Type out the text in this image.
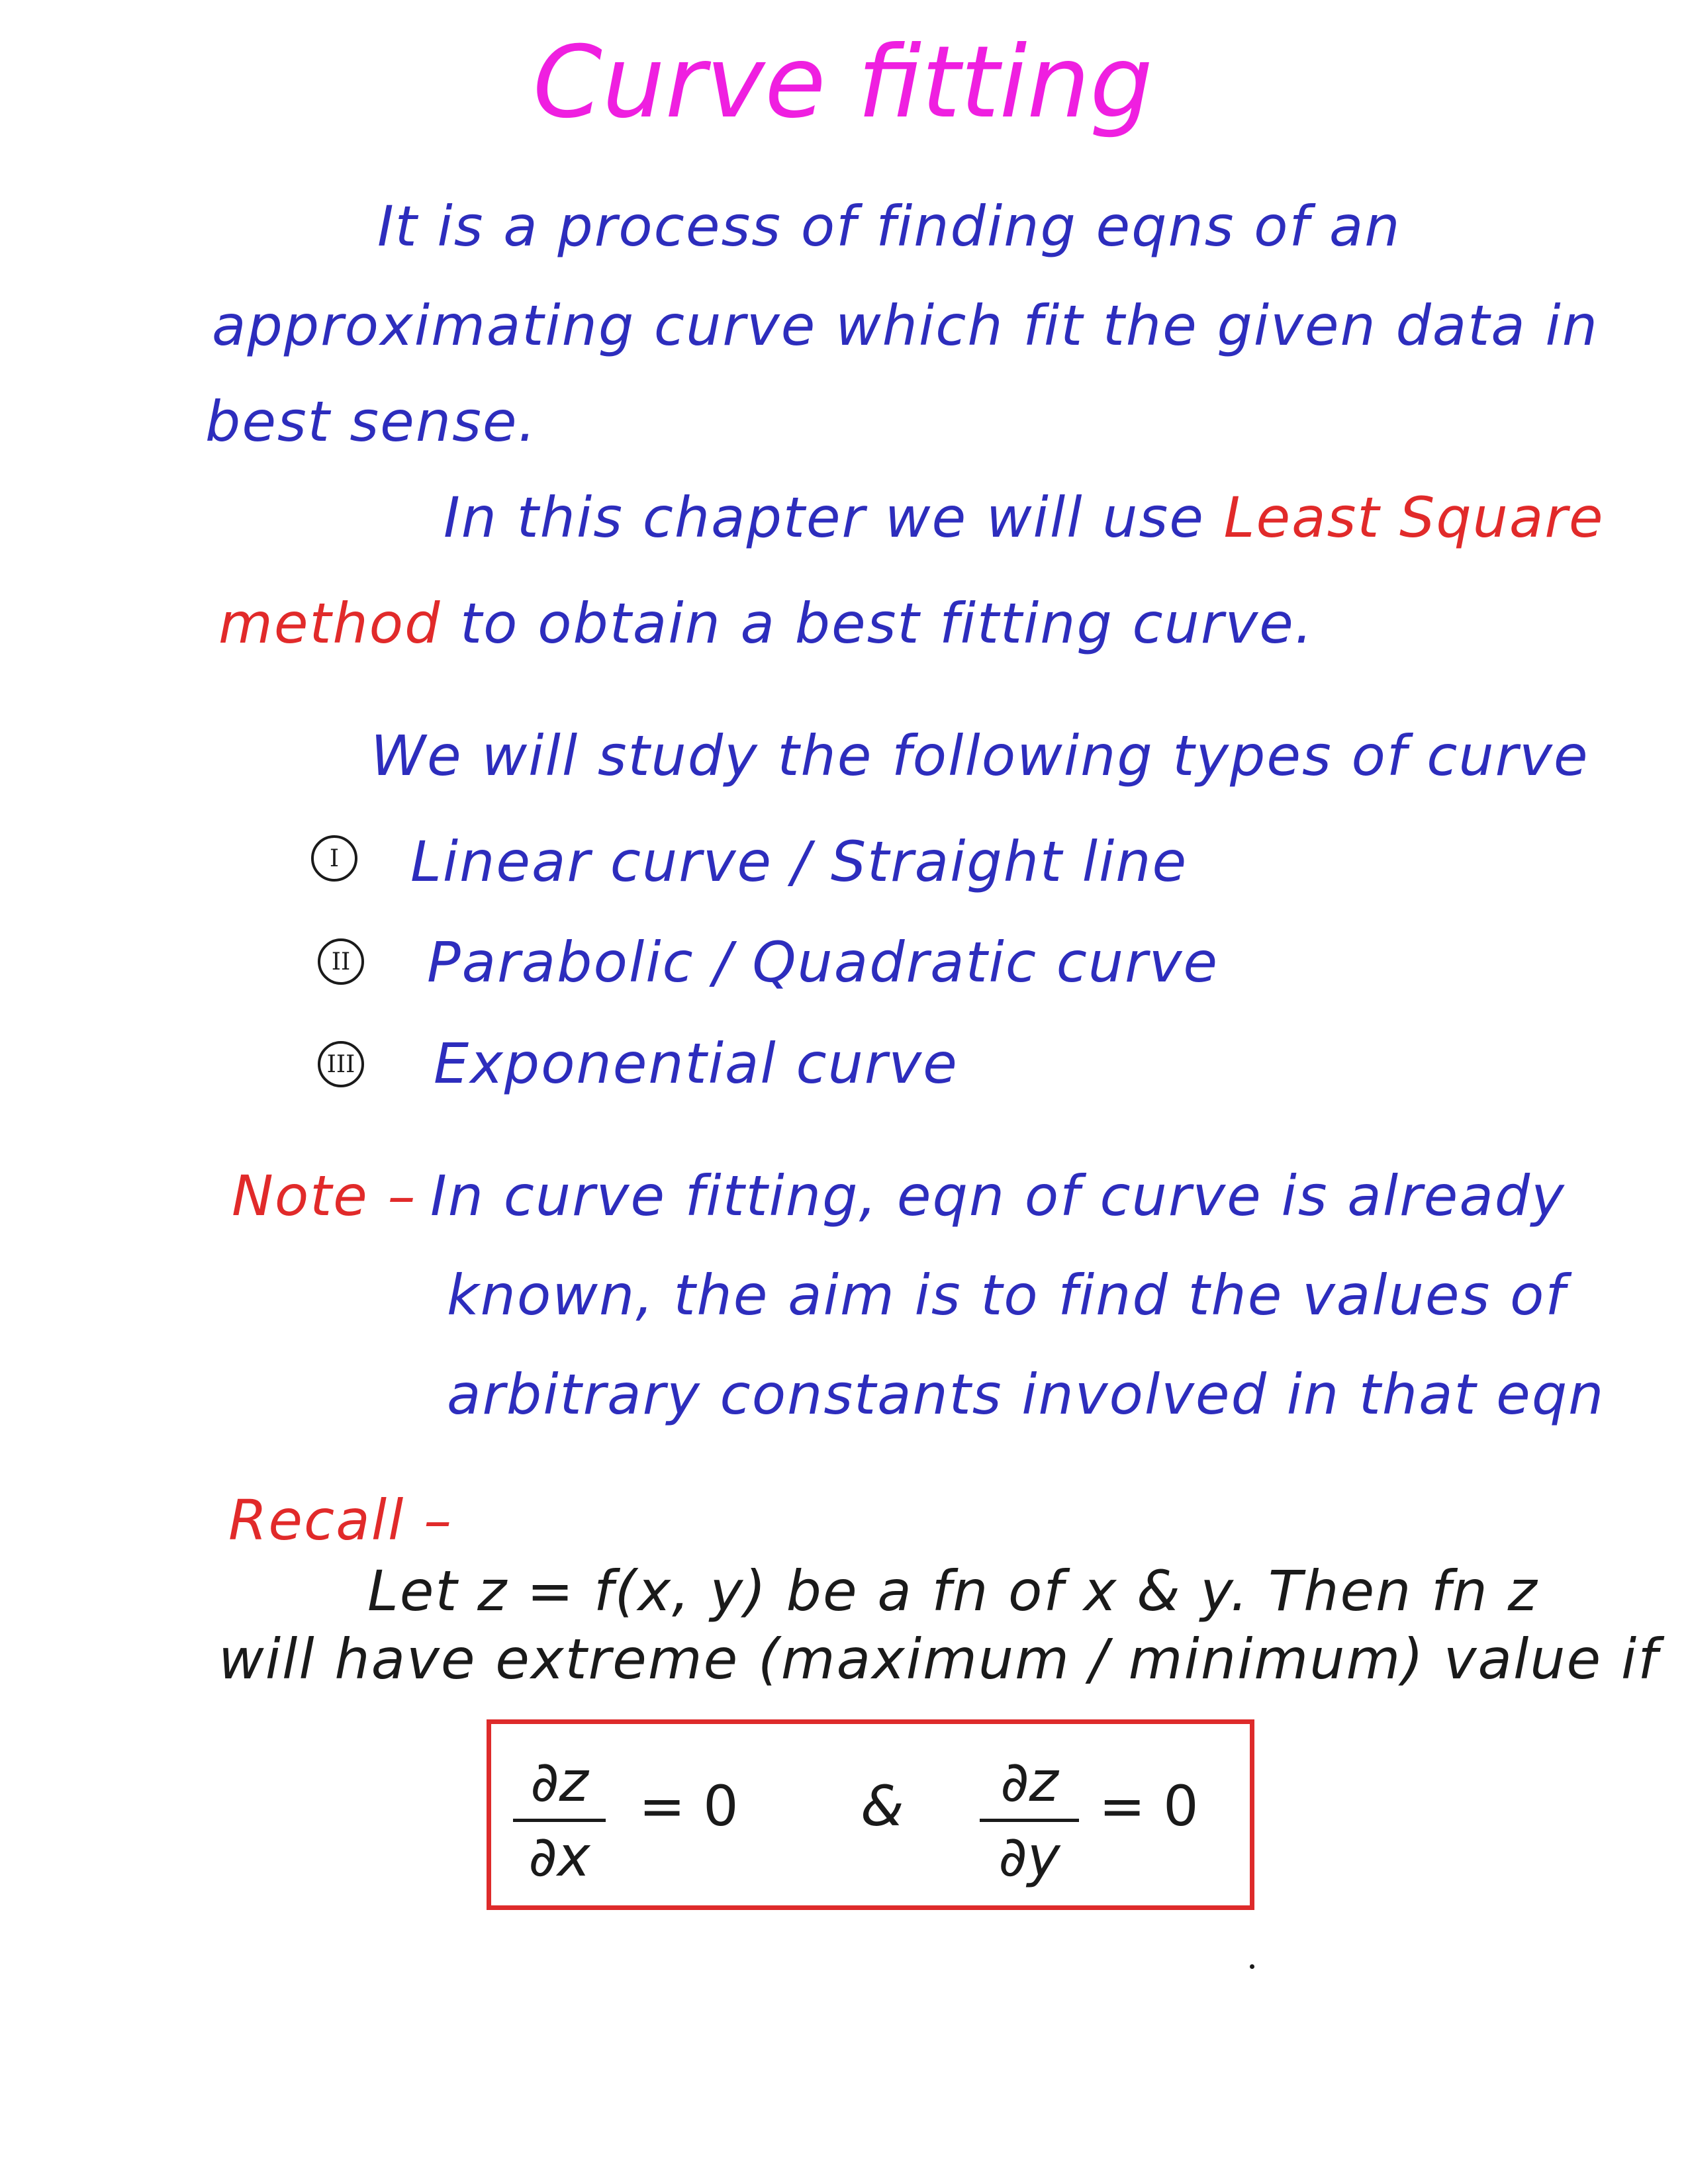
Curve fitting
It is a process of finding eqns of an
approximating curve which fit the given data in
best sense.
In this chapter we will use Least Square
method to obtain a best fitting curve.
We will study the following types of curve
I	Linear curve / Straight line
II Parabolic / Quadratic curve
III Exponential curve
Note – In curve fitting, eqn of curve is already
known, the aim is to find the values of
arbitrary constants involved in that eqn
Recall –
Let z = f(x, y) be a fn of x & y. Then fn z
will have extreme (maximum / minimum) value if
∂z
∂x
= 0 &	∂z
∂y
= 0
